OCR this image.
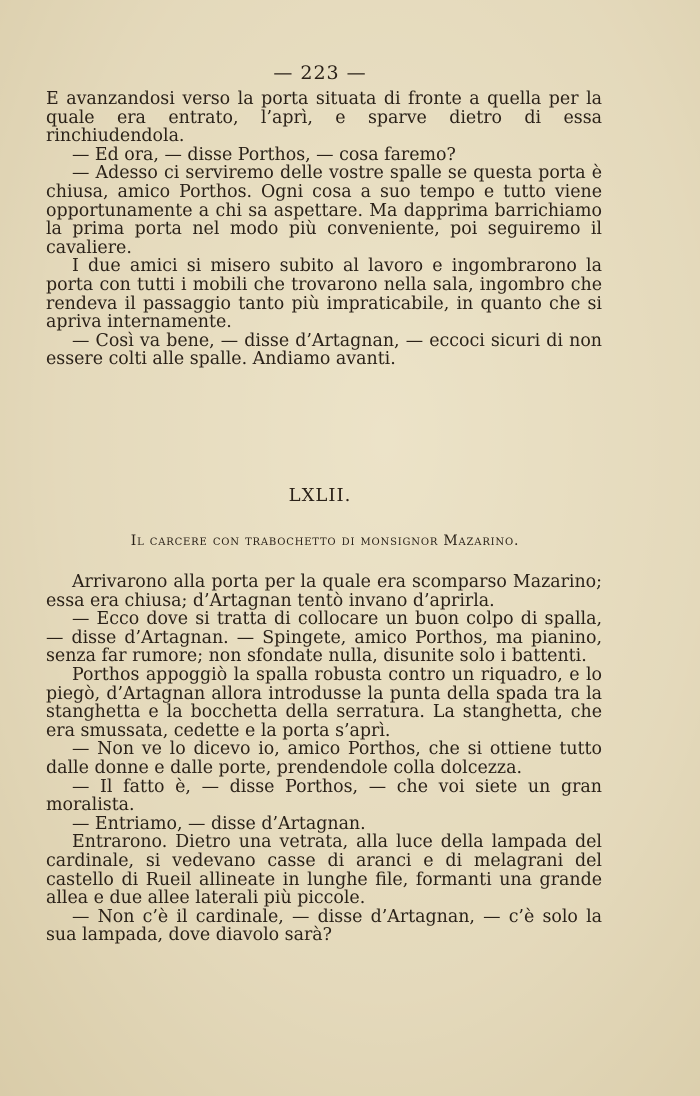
— 223 —

E avanzandosi verso la porta situata di fronte a quella per la quale era entrato, l’aprì, e sparve dietro di essa rinchiudendola.

— Ed ora, — disse Porthos, — cosa faremo?

— Adesso ci serviremo delle vostre spalle se questa porta è chiusa, amico Porthos. Ogni cosa a suo tempo e tutto viene opportunamente a chi sa aspettare. Ma dapprima barrichiamo la prima porta nel modo più conveniente, poi seguiremo il cavaliere.

I due amici si misero subito al lavoro e ingombrarono la porta con tutti i mobili che trovarono nella sala, ingombro che rendeva il passaggio tanto più impraticabile, in quanto che si apriva internamente.

— Così va bene, — disse d’Artagnan, — eccoci sicuri di non essere colti alle spalle. Andiamo avanti.

LXLII.
Il carcere con trabochetto di monsignor Mazarino.

Arrivarono alla porta per la quale era scomparso Mazarino; essa era chiusa; d’Artagnan tentò invano d’aprirla.

— Ecco dove si tratta di collocare un buon colpo di spalla, — disse d’Artagnan. — Spingete, amico Porthos, ma pianino, senza far rumore; non sfondate nulla, disunite solo i battenti.

Porthos appoggiò la spalla robusta contro un riquadro, e lo piegò, d’Artagnan allora introdusse la punta della spada tra la stanghetta e la bocchetta della serratura. La stanghetta, che era smussata, cedette e la porta s’aprì.

— Non ve lo dicevo io, amico Porthos, che si ottiene tutto dalle donne e dalle porte, prendendole colla dolcezza.

— Il fatto è, — disse Porthos, — che voi siete un gran moralista.

— Entriamo, — disse d’Artagnan.

Entrarono. Dietro una vetrata, alla luce della lampada del cardinale, si vedevano casse di aranci e di melagrani del castello di Rueil allineate in lunghe file, formanti una grande allea e due allee laterali più piccole.

— Non c’è il cardinale, — disse d’Artagnan, — c’è solo la sua lampada, dove diavolo sarà?
